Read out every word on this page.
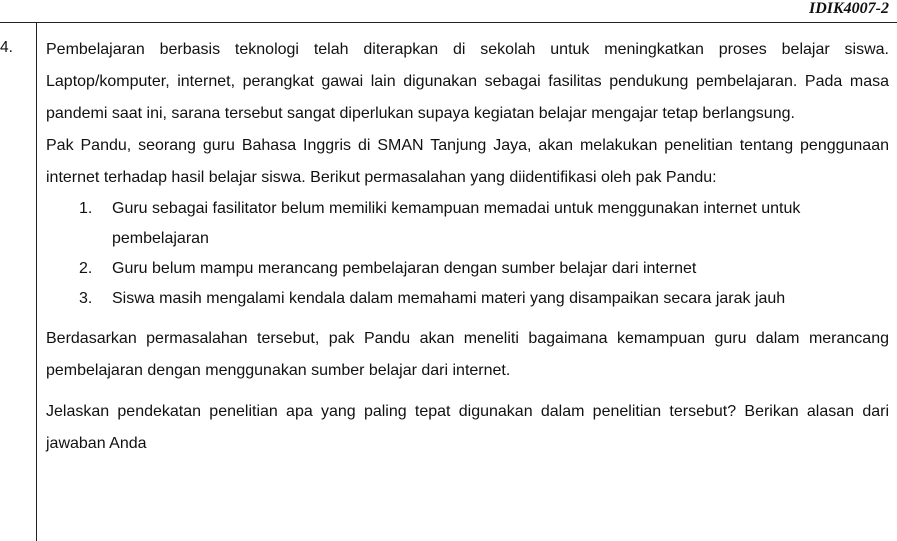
IDIK4007-2
4. Pembelajaran berbasis teknologi telah diterapkan di sekolah untuk meningkatkan proses belajar siswa. Laptop/komputer, internet, perangkat gawai lain digunakan sebagai fasilitas pendukung pembelajaran. Pada masa pandemi saat ini, sarana tersebut sangat diperlukan supaya kegiatan belajar mengajar tetap berlangsung.

Pak Pandu, seorang guru Bahasa Inggris di SMAN Tanjung Jaya, akan melakukan penelitian tentang penggunaan internet terhadap hasil belajar siswa. Berikut permasalahan yang diidentifikasi oleh pak Pandu:

1. Guru sebagai fasilitator belum memiliki kemampuan memadai untuk menggunakan internet untuk pembelajaran
2. Guru belum mampu merancang pembelajaran dengan sumber belajar dari internet
3. Siswa masih mengalami kendala dalam memahami materi yang disampaikan secara jarak jauh

Berdasarkan permasalahan tersebut, pak Pandu akan meneliti bagaimana kemampuan guru dalam merancang pembelajaran dengan menggunakan sumber belajar dari internet.

Jelaskan pendekatan penelitian apa yang paling tepat digunakan dalam penelitian tersebut? Berikan alasan dari jawaban Anda
